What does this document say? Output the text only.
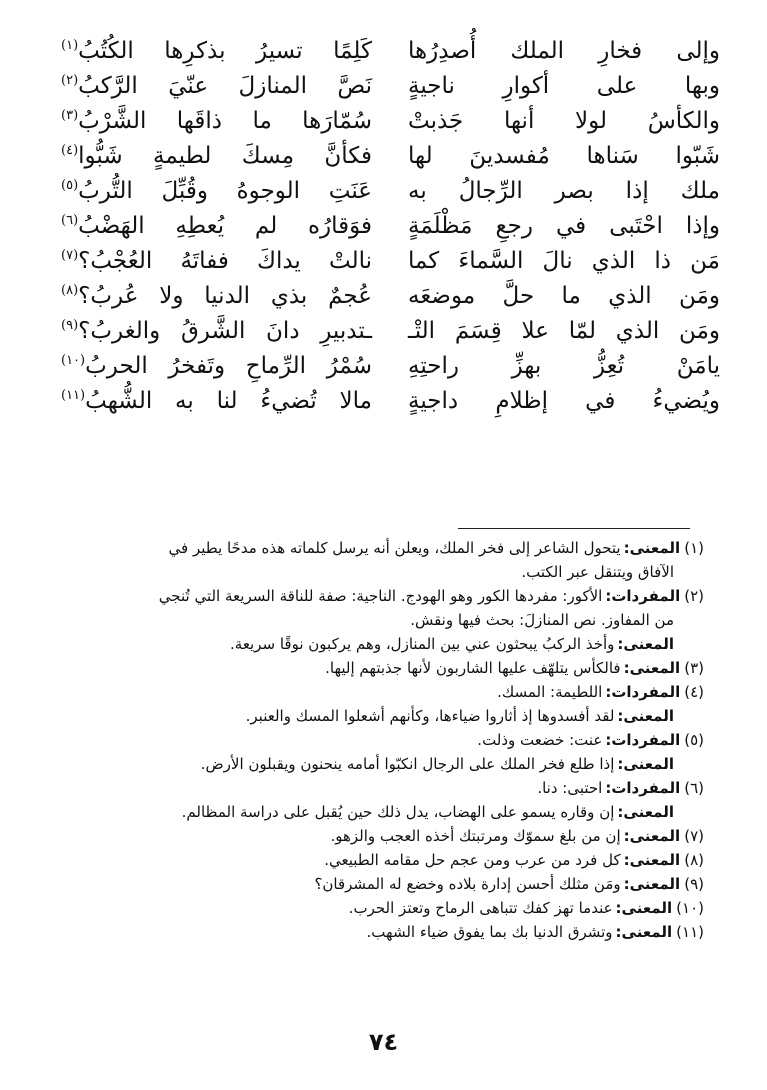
وإلى فخارِ الملك أُصدِرُها
كَلِمًا تسيرُ بذكرِها الكُتُبُ$^{(١)}$
وبها على أكوارِ ناجيةٍ
نَصَّ المنازلَ عنّيَ الرَّكبُ$^{(٢)}$
والكأسُ لولا أنها جَذبتْ
سُمّارَها ما ذاقَها الشَّرْبُ$^{(٣)}$
شَبّوا سَناها مُفسدينَ لها
فكأنَّ مِسكَ لطيمةٍ شَبُّوا$^{(٤)}$
ملك إذا بصر الرِّجالُ به
عَنَتِ الوجوهُ وقُبِّلَ التُّربُ$^{(٥)}$
وإذا احْتَبى في رجعِ مَظْلَمَةٍ
فوَقارُه لم يُعطِهِ الهَضْبُ$^{(٦)}$
مَن ذا الذي نالَ السَّماءَ كما
نالتْ يداكَ ففاتَهُ العُجْبُ؟$^{(٧)}$
ومَن الذي ما حلَّ موضعَه
عُجمٌ بذي الدنيا ولا عُربُ؟$^{(٨)}$
ومَن الذي لمّا علا قِسَمَ التْـ
ـتدبيرِ دانَ الشَّرقُ والغربُ؟$^{(٩)}$
يامَنْ تُعِزُّ بهزِّ راحتِهِ
سُمْرُ الرِّماحِ وتَفخرُ الحربُ$^{(١٠)}$
ويُضيءُ في إظلامِ داجيةٍ
مالا تُضيءُ لنا به الشُّهبُ$^{(١١)}$

(١)المعنى:يتحول الشاعر إلى فخر الملك، ويعلن أنه يرسل كلماته هذه مدحًا يطير في
الآفاق ويتنقل عبر الكتب.

(٢)المفردات:الأكور: مفردها الكور وهو الهودج. الناجية: صفة للناقة السريعة التي تُنجي
من المفاوز. نص المنازلَ: بحث فيها ونقش.

المعنى:وأخذ الركبُ يبحثون عني بين المنازل، وهم يركبون نوقًا سريعة.

(٣)المعنى:فالكأس يتلهّف عليها الشاربون لأنها جذبتهم إليها.

(٤)المفردات:اللطيمة: المسك.

المعنى:لقد أفسدوها إذ أثاروا ضياءها، وكأنهم أشعلوا المسك والعنبر.

(٥)المفردات:عنت: خضعت وذلت.

المعنى:إذا طلع فخر الملك على الرجال انكبّوا أمامه ينحنون ويقبلون الأرض.

(٦)المفردات:احتبى: دنا.

المعنى:إن وقاره يسمو على الهضاب، يدل ذلك حين يُقبل على دراسة المظالم.

(٧)المعنى:إن من بلغ سموّك ومرتبتك أخذه العجب والزهو.

(٨)المعنى:كل فرد من عرب ومن عجم حل مقامه الطبيعي.

(٩)المعنى:ومَن مثلك أحسن إدارة بلاده وخضع له المشرقان؟

(١٠)المعنى:عندما تهز كفك تتباهى الرماح وتعتز الحرب.

(١١)المعنى:وتشرق الدنيا بك بما يفوق ضياء الشهب.

٧٤
